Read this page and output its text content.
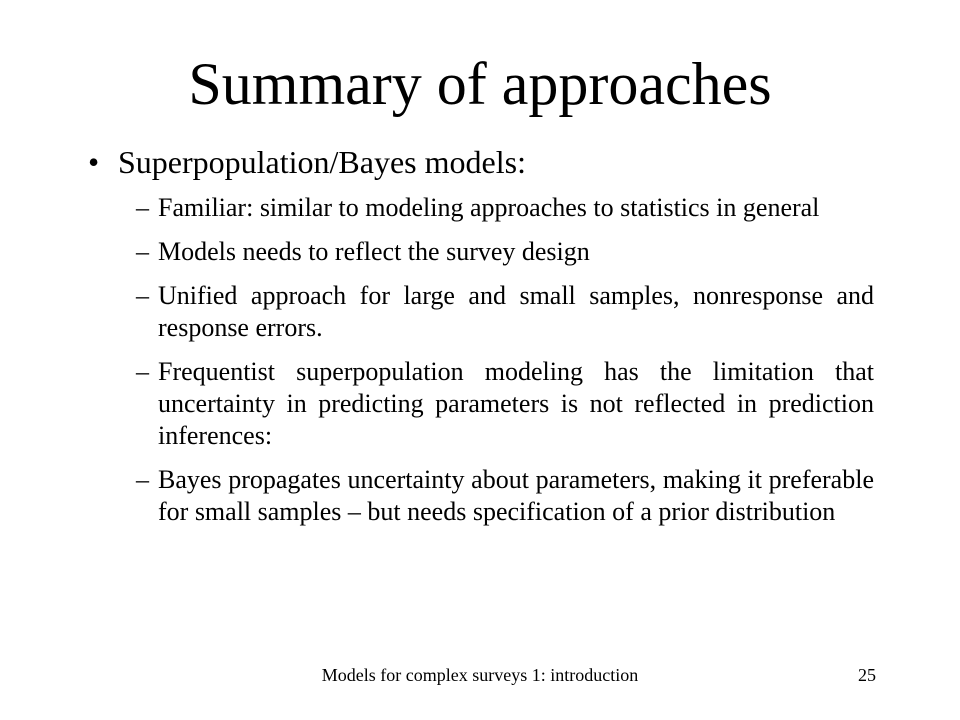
Summary of approaches
• Superpopulation/Bayes models:
– Familiar: similar to modeling approaches to statistics in general
– Models needs to reflect the survey design
– Unified approach for large and small samples, nonresponse and response errors.
– Frequentist superpopulation modeling has the limitation that uncertainty in predicting parameters is not reflected in prediction inferences:
– Bayes propagates uncertainty about parameters, making it preferable for small samples – but needs specification of a prior distribution
Models for complex surveys 1: introduction	25
